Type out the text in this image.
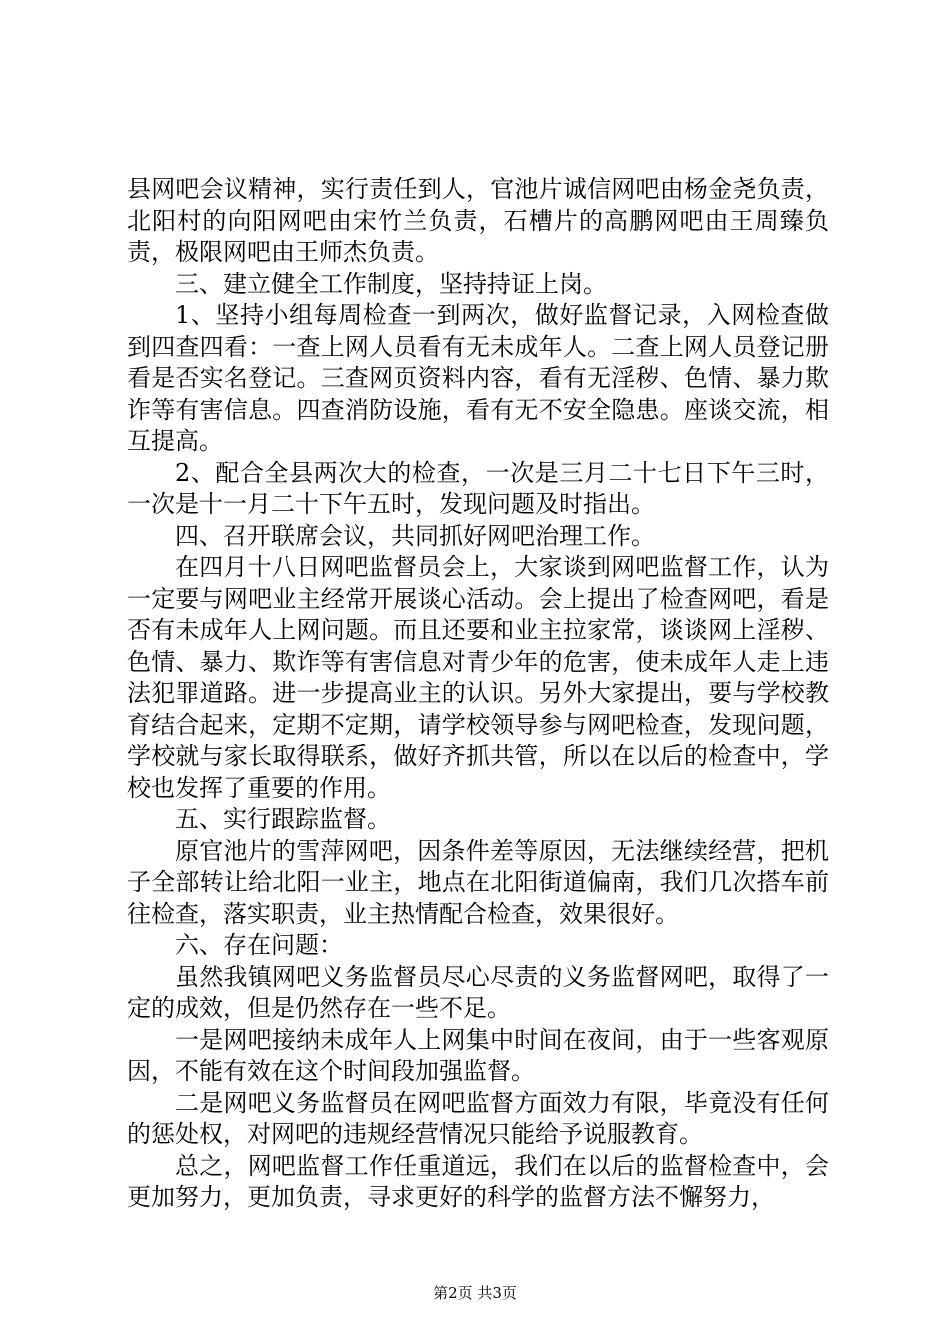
县网吧会议精神，实行责任到人，官池片诚信网吧由杨金尧负责，北阳村的向阳网吧由宋竹兰负责，石槽片的高鹏网吧由王周臻负责，极限网吧由王师杰负责。

三、建立健全工作制度，坚持持证上岗。

1、坚持小组每周检查一到两次，做好监督记录，入网检查做到四查四看：一查上网人员看有无未成年人。二查上网人员登记册看是否实名登记。三查网页资料内容，看有无淫秽、色情、暴力欺诈等有害信息。四查消防设施，看有无不安全隐患。座谈交流，相互提高。

2、配合全县两次大的检查，一次是三月二十七日下午三时，一次是十一月二十下午五时，发现问题及时指出。

四、召开联席会议，共同抓好网吧治理工作。

在四月十八日网吧监督员会上，大家谈到网吧监督工作，认为一定要与网吧业主经常开展谈心活动。会上提出了检查网吧，看是否有未成年人上网问题。而且还要和业主拉家常，谈谈网上淫秽、色情、暴力、欺诈等有害信息对青少年的危害，使未成年人走上违法犯罪道路。进一步提高业主的认识。另外大家提出，要与学校教育结合起来，定期不定期，请学校领导参与网吧检查，发现问题，学校就与家长取得联系，做好齐抓共管，所以在以后的检查中，学校也发挥了重要的作用。

五、实行跟踪监督。

原官池片的雪萍网吧，因条件差等原因，无法继续经营，把机子全部转让给北阳一业主，地点在北阳街道偏南，我们几次搭车前往检查，落实职责，业主热情配合检查，效果很好。

六、存在问题：

虽然我镇网吧义务监督员尽心尽责的义务监督网吧，取得了一定的成效，但是仍然存在一些不足。

一是网吧接纳未成年人上网集中时间在夜间，由于一些客观原因，不能有效在这个时间段加强监督。

二是网吧义务监督员在网吧监督方面效力有限，毕竟没有任何的惩处权，对网吧的违规经营情况只能给予说服教育。

总之，网吧监督工作任重道远，我们在以后的监督检查中，会更加努力，更加负责，寻求更好的科学的监督方法不懈努力，

第2页 共3页
